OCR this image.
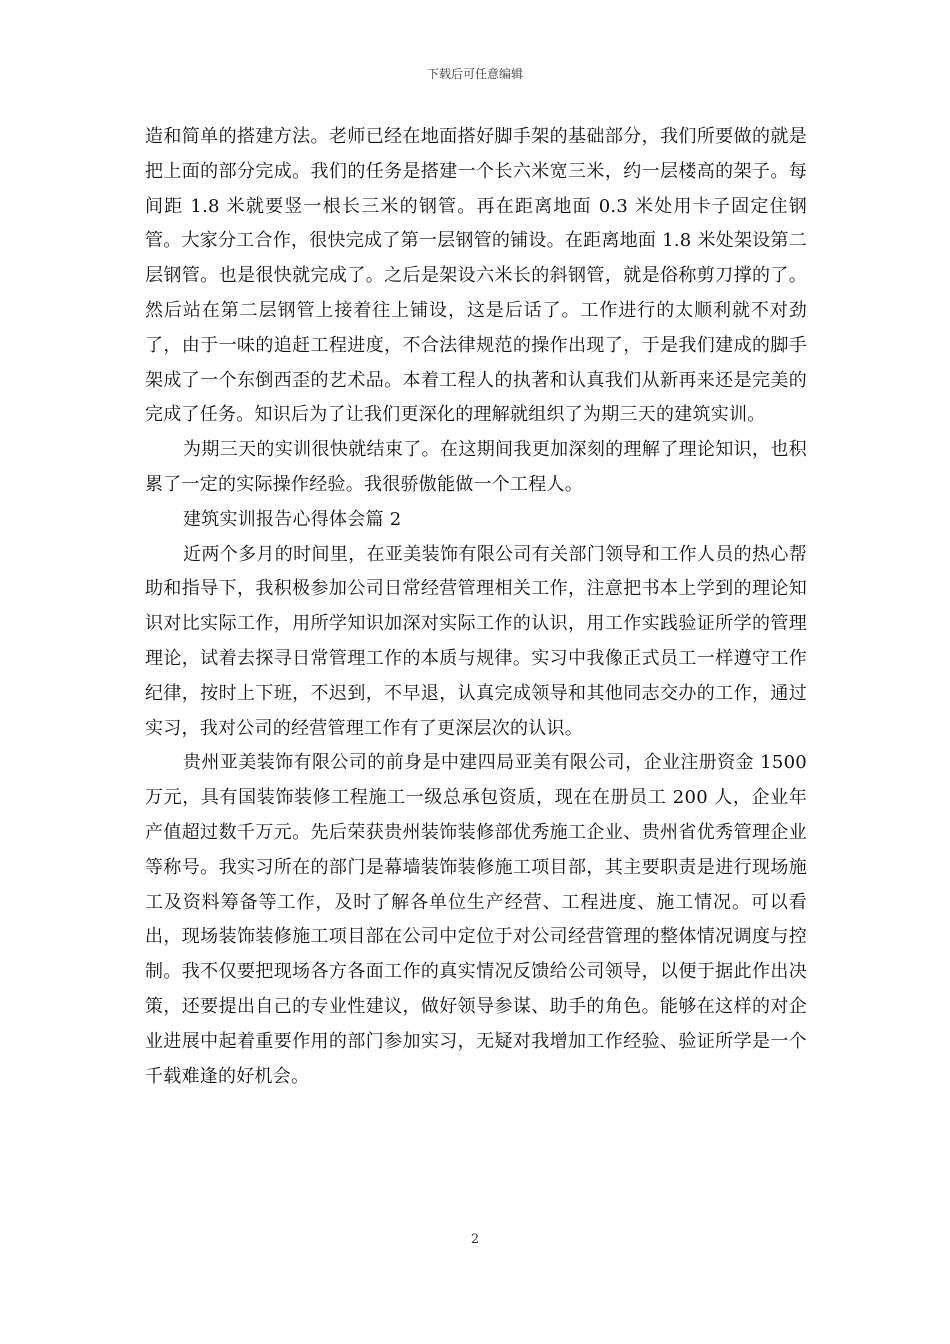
下载后可任意编辑

造和简单的搭建方法。老师已经在地面搭好脚手架的基础部分，我们所要做的就是把上面的部分完成。我们的任务是搭建一个长六米宽三米，约一层楼高的架子。每间距 1.8 米就要竖一根长三米的钢管。再在距离地面 0.3 米处用卡子固定住钢管。大家分工合作，很快完成了第一层钢管的铺设。在距离地面 1.8 米处架设第二层钢管。也是很快就完成了。之后是架设六米长的斜钢管，就是俗称剪刀撑的了。然后站在第二层钢管上接着往上铺设，这是后话了。工作进行的太顺利就不对劲了，由于一味的追赶工程进度，不合法律规范的操作出现了，于是我们建成的脚手架成了一个东倒西歪的艺术品。本着工程人的执著和认真我们从新再来还是完美的完成了任务。知识后为了让我们更深化的理解就组织了为期三天的建筑实训。

为期三天的实训很快就结束了。在这期间我更加深刻的理解了理论知识，也积累了一定的实际操作经验。我很骄傲能做一个工程人。

建筑实训报告心得体会篇 2

近两个多月的时间里，在亚美装饰有限公司有关部门领导和工作人员的热心帮助和指导下，我积极参加公司日常经营管理相关工作，注意把书本上学到的理论知识对比实际工作，用所学知识加深对实际工作的认识，用工作实践验证所学的管理理论，试着去探寻日常管理工作的本质与规律。实习中我像正式员工一样遵守工作纪律，按时上下班，不迟到，不早退，认真完成领导和其他同志交办的工作，通过实习，我对公司的经营管理工作有了更深层次的认识。

贵州亚美装饰有限公司的前身是中建四局亚美有限公司，企业注册资金 1500 万元，具有国装饰装修工程施工一级总承包资质，现在在册员工 200 人，企业年产值超过数千万元。先后荣获贵州装饰装修部优秀施工企业、贵州省优秀管理企业等称号。我实习所在的部门是幕墙装饰装修施工项目部，其主要职责是进行现场施工及资料筹备等工作，及时了解各单位生产经营、工程进度、施工情况。可以看出，现场装饰装修施工项目部在公司中定位于对公司经营管理的整体情况调度与控制。我不仅要把现场各方各面工作的真实情况反馈给公司领导，以便于据此作出决策，还要提出自己的专业性建议，做好领导参谋、助手的角色。能够在这样的对企业进展中起着重要作用的部门参加实习，无疑对我增加工作经验、验证所学是一个千载难逢的好机会。

2
